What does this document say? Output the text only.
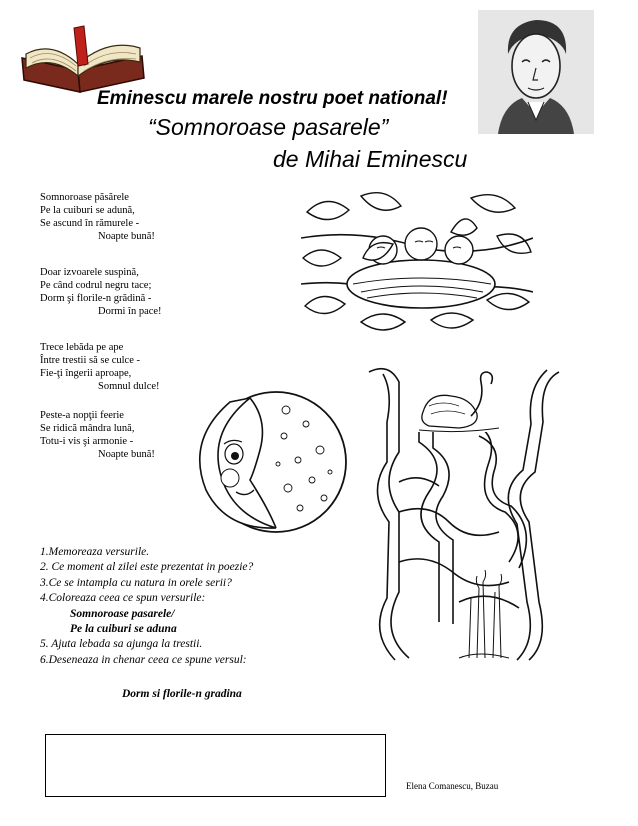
Eminescu marele nostru poet national!
“Somnoroase pasarele”
de Mihai Eminescu
Somnoroase păsărele
Pe la cuiburi se adună,
Se ascund în rămurele -
Noapte bună!
Doar izvoarele suspină,
Pe când codrul negru tace;
Dorm şi florile-n grădină -
Dormi în pace!
Trece lebăda pe ape
Între trestii să se culce -
Fie-ţi îngerii aproape,
Somnul dulce!
Peste-a nopţii feerie
Se ridică mândra lună,
Totu-i vis şi armonie -
Noapte bună!
1.Memoreaza versurile.
2. Ce moment al zilei este prezentat in poezie?
3.Ce se intampla cu natura in orele serii?
4.Coloreaza ceea ce spun versurile:
Somnoroase pasarele/
Pe la cuiburi se aduna
5. Ajuta lebada sa ajunga la trestii.
6.Deseneaza in chenar ceea ce spune versul:
Dorm si florile-n gradina
Elena Comanescu, Buzau
